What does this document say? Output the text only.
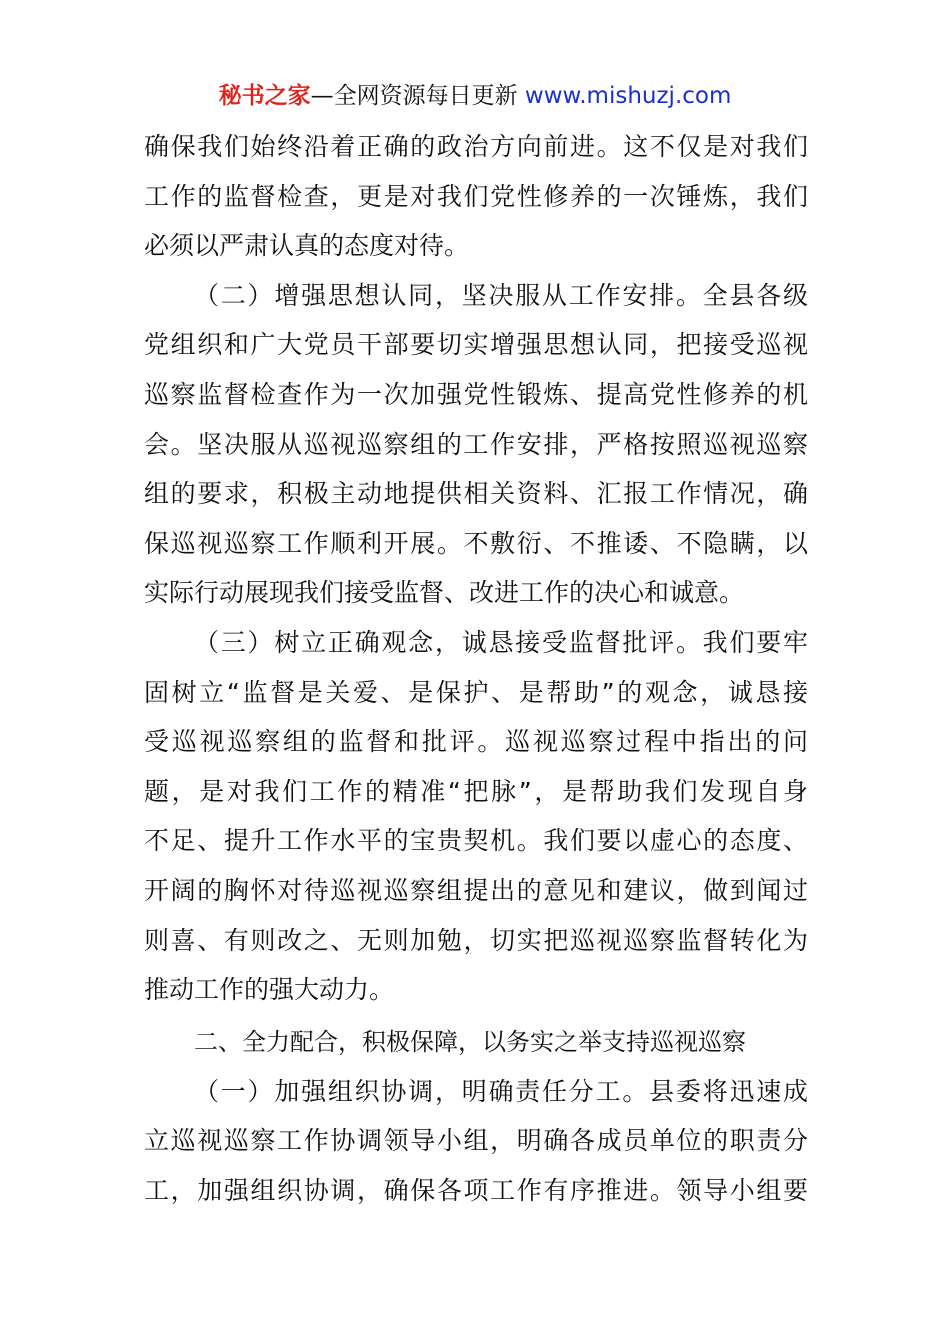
秘书之家—全网资源每日更新 www.mishuzj.com
确保我们始终沿着正确的政治方向前进。这不仅是对我们
工作的监督检查，更是对我们党性修养的一次锤炼，我们
必须以严肃认真的态度对待。
（二）增强思想认同，坚决服从工作安排。全县各级
党组织和广大党员干部要切实增强思想认同，把接受巡视
巡察监督检查作为一次加强党性锻炼、提高党性修养的机
会。坚决服从巡视巡察组的工作安排，严格按照巡视巡察
组的要求，积极主动地提供相关资料、汇报工作情况，确
保巡视巡察工作顺利开展。不敷衍、不推诿、不隐瞒，以
实际行动展现我们接受监督、改进工作的决心和诚意。
（三）树立正确观念，诚恳接受监督批评。我们要牢
固树立“监督是关爱、是保护、是帮助”的观念，诚恳接
受巡视巡察组的监督和批评。巡视巡察过程中指出的问
题，是对我们工作的精准“把脉”，是帮助我们发现自身
不足、提升工作水平的宝贵契机。我们要以虚心的态度、
开阔的胸怀对待巡视巡察组提出的意见和建议，做到闻过
则喜、有则改之、无则加勉，切实把巡视巡察监督转化为
推动工作的强大动力。
二、全力配合，积极保障，以务实之举支持巡视巡察
（一）加强组织协调，明确责任分工。县委将迅速成
立巡视巡察工作协调领导小组，明确各成员单位的职责分
工，加强组织协调，确保各项工作有序推进。领导小组要
